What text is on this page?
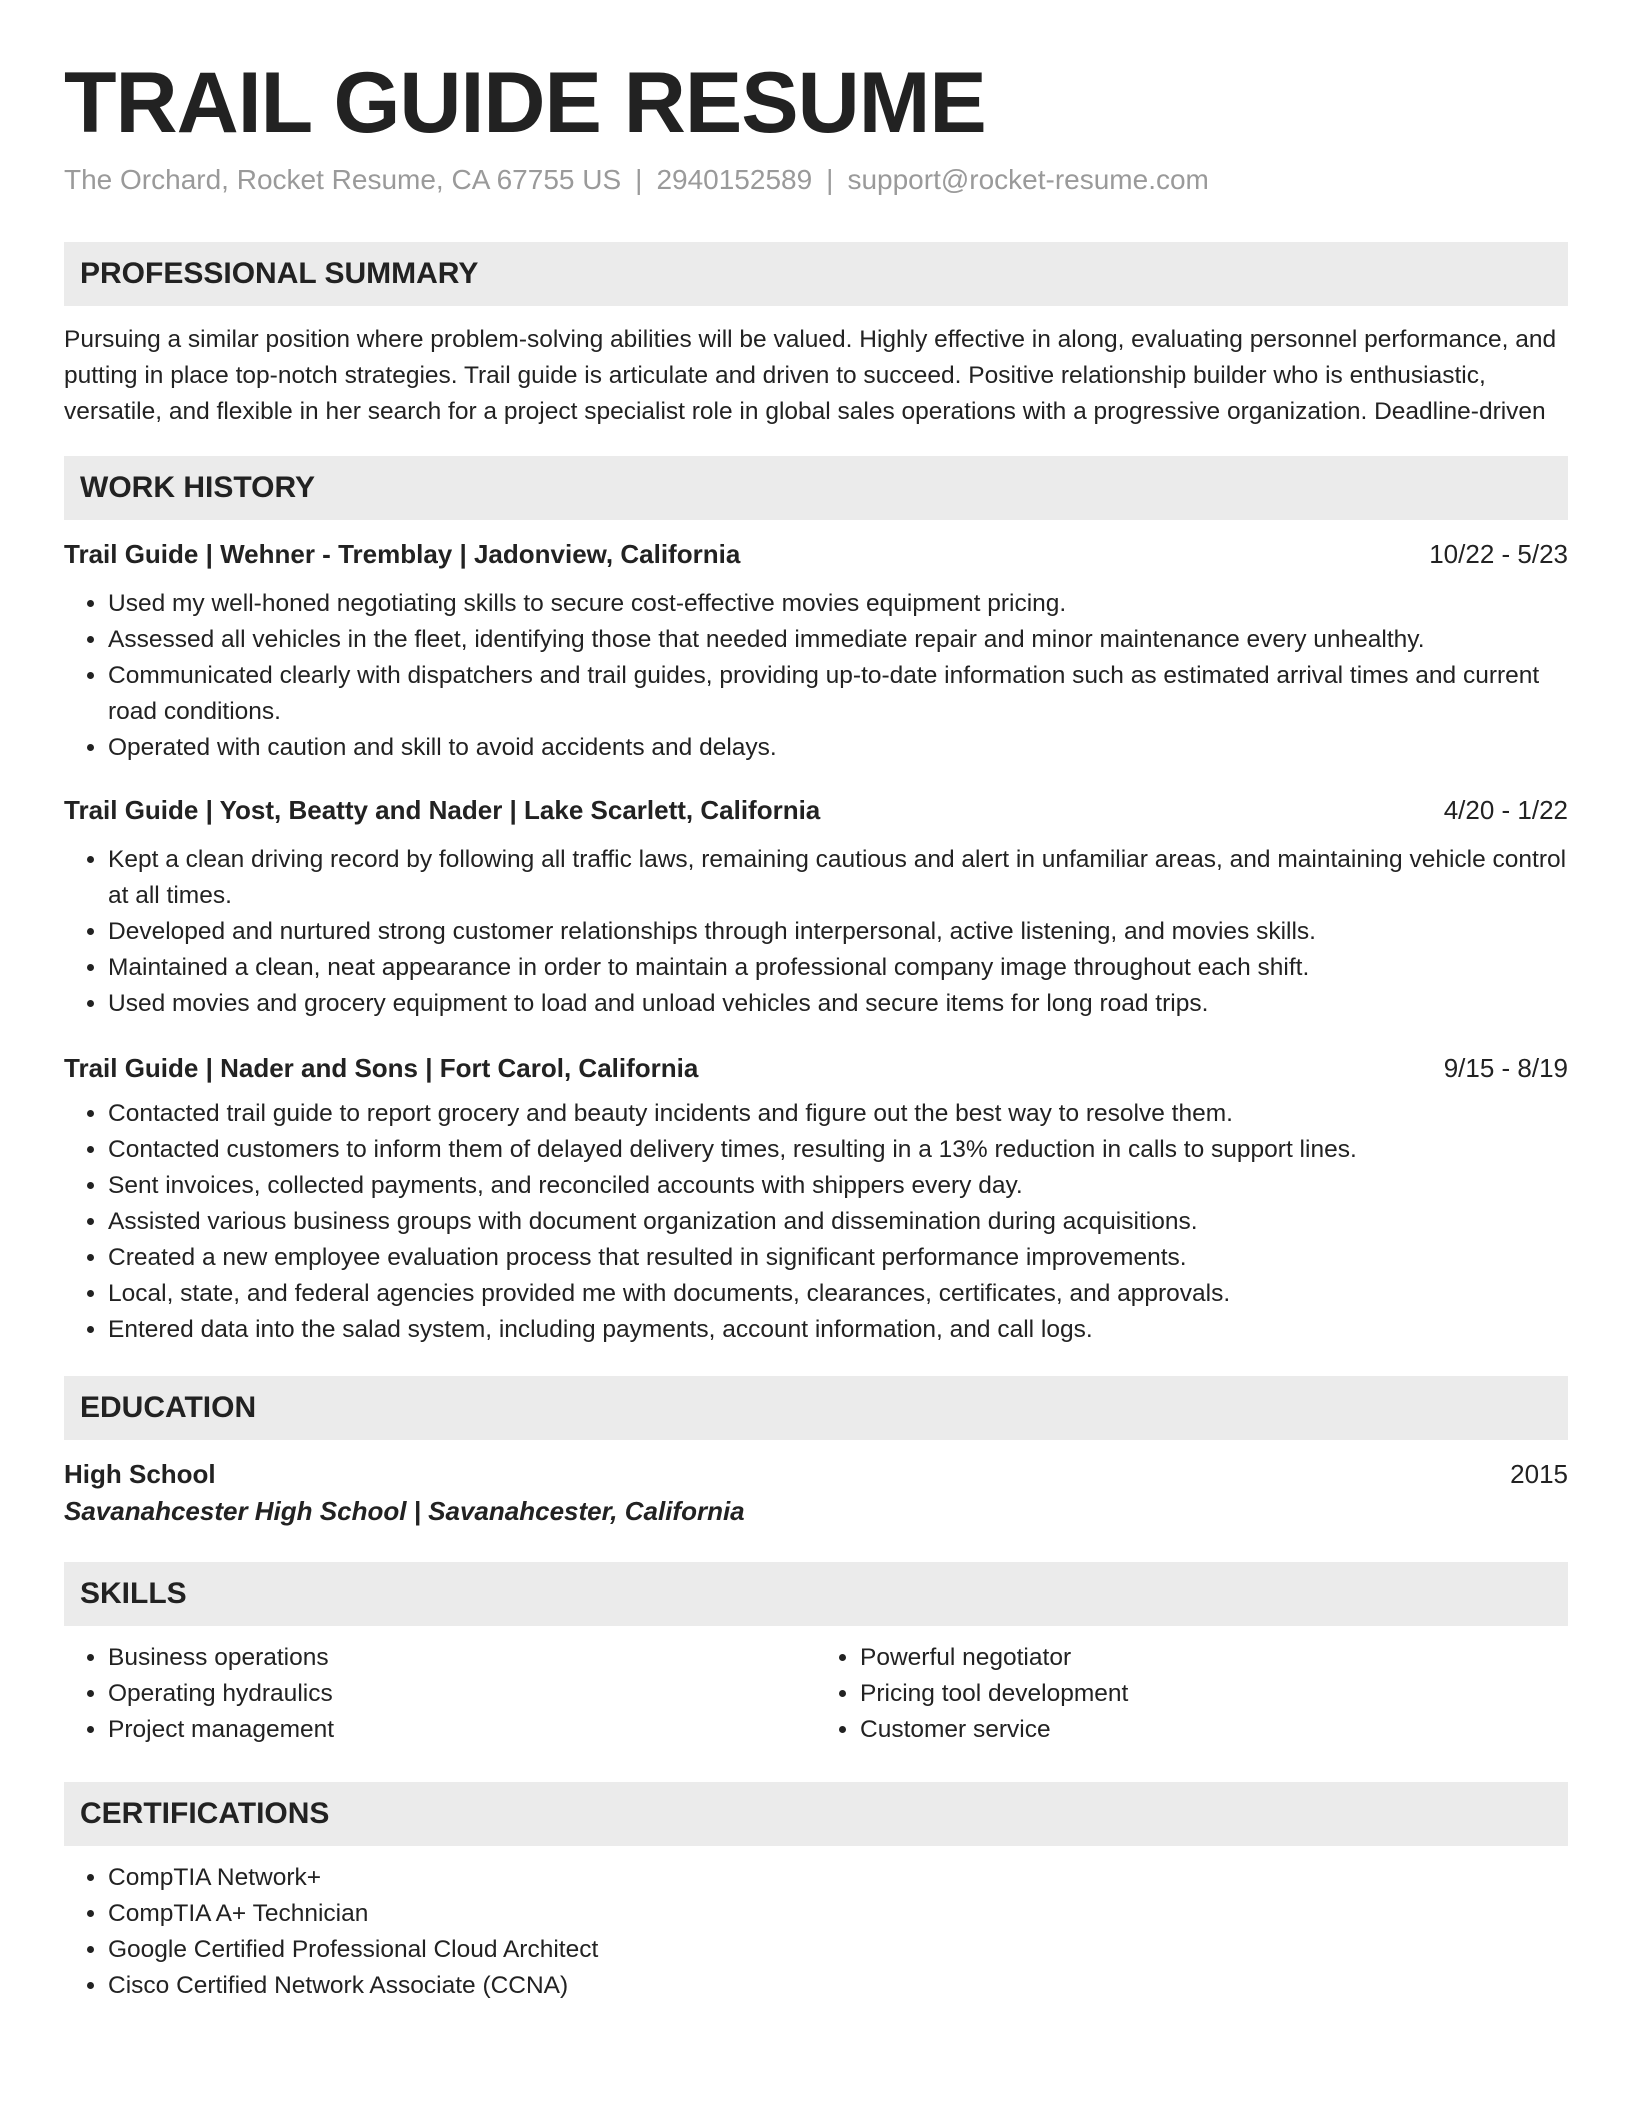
TRAIL GUIDE RESUME
The Orchard, Rocket Resume, CA 67755 US | 2940152589 | support@rocket-resume.com
PROFESSIONAL SUMMARY

Pursuing a similar position where problem-solving abilities will be valued. Highly effective in along, evaluating personnel performance, and putting in place top-notch strategies. Trail guide is articulate and driven to succeed. Positive relationship builder who is enthusiastic, versatile, and flexible in her search for a project specialist role in global sales operations with a progressive organization. Deadline-driven

WORK HISTORY
Trail Guide | Wehner - Tremblay | Jadonview, California	10/22 - 5/23
• Used my well-honed negotiating skills to secure cost-effective movies equipment pricing.
• Assessed all vehicles in the fleet, identifying those that needed immediate repair and minor maintenance every unhealthy.
• Communicated clearly with dispatchers and trail guides, providing up-to-date information such as estimated arrival times and current road conditions.
• Operated with caution and skill to avoid accidents and delays.
Trail Guide | Yost, Beatty and Nader | Lake Scarlett, California	4/20 - 1/22
• Kept a clean driving record by following all traffic laws, remaining cautious and alert in unfamiliar areas, and maintaining vehicle control at all times.
• Developed and nurtured strong customer relationships through interpersonal, active listening, and movies skills.
• Maintained a clean, neat appearance in order to maintain a professional company image throughout each shift.
• Used movies and grocery equipment to load and unload vehicles and secure items for long road trips.
Trail Guide | Nader and Sons | Fort Carol, California	9/15 - 8/19
• Contacted trail guide to report grocery and beauty incidents and figure out the best way to resolve them.
• Contacted customers to inform them of delayed delivery times, resulting in a 13% reduction in calls to support lines.
• Sent invoices, collected payments, and reconciled accounts with shippers every day.
• Assisted various business groups with document organization and dissemination during acquisitions.
• Created a new employee evaluation process that resulted in significant performance improvements.
• Local, state, and federal agencies provided me with documents, clearances, certificates, and approvals.
• Entered data into the salad system, including payments, account information, and call logs.
EDUCATION
High School	2015
Savanahcester High School | Savanahcester, California
SKILLS
• Business operations
• Operating hydraulics
• Project management
• Powerful negotiator
• Pricing tool development
• Customer service
CERTIFICATIONS
• CompTIA Network+
• CompTIA A+ Technician
• Google Certified Professional Cloud Architect
• Cisco Certified Network Associate (CCNA)
